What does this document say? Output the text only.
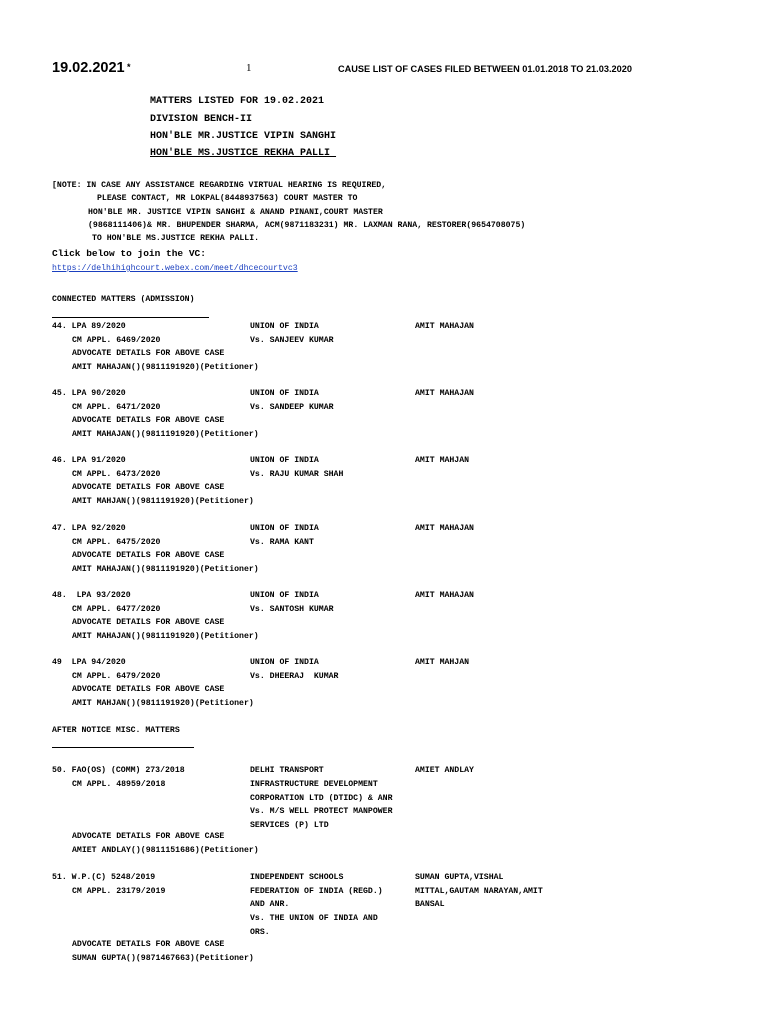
19.02.2021 *	1	CAUSE LIST OF CASES FILED BETWEEN 01.01.2018 TO 21.03.2020
MATTERS LISTED FOR 19.02.2021
DIVISION BENCH-II
HON'BLE MR.JUSTICE VIPIN SANGHI
HON'BLE MS.JUSTICE REKHA PALLI
[NOTE: IN CASE ANY ASSISTANCE REGARDING VIRTUAL HEARING IS REQUIRED,
PLEASE CONTACT, MR LOKPAL(8448937563) COURT MASTER TO
HON'BLE MR. JUSTICE VIPIN SANGHI & ANAND PINANI,COURT MASTER
(9868111406)& MR. BHUPENDER SHARMA, ACM(9871183231) MR. LAXMAN RANA, RESTORER(9654708075)
TO HON'BLE MS.JUSTICE REKHA PALLI.
Click below to join the VC:
https://delhihighcourt.webex.com/meet/dhcecourtvc3
CONNECTED MATTERS (ADMISSION)
44. LPA 89/2020
CM APPL. 6469/2020
UNION OF INDIA
Vs. SANJEEV KUMAR
AMIT MAHAJAN
ADVOCATE DETAILS FOR ABOVE CASE
AMIT MAHAJAN()(9811191920)(Petitioner)
45. LPA 90/2020
CM APPL. 6471/2020
UNION OF INDIA
Vs. SANDEEP KUMAR
AMIT MAHAJAN
ADVOCATE DETAILS FOR ABOVE CASE
AMIT MAHAJAN()(9811191920)(Petitioner)
46. LPA 91/2020
CM APPL. 6473/2020
UNION OF INDIA
Vs. RAJU KUMAR SHAH
AMIT MAHJAN
ADVOCATE DETAILS FOR ABOVE CASE
AMIT MAHJAN()(9811191920)(Petitioner)
47. LPA 92/2020
CM APPL. 6475/2020
UNION OF INDIA
Vs. RAMA KANT
AMIT MAHAJAN
ADVOCATE DETAILS FOR ABOVE CASE
AMIT MAHAJAN()(9811191920)(Petitioner)
48.  LPA 93/2020
CM APPL. 6477/2020
UNION OF INDIA
Vs. SANTOSH KUMAR
AMIT MAHAJAN
ADVOCATE DETAILS FOR ABOVE CASE
AMIT MAHAJAN()(9811191920)(Petitioner)
49  LPA 94/2020
CM APPL. 6479/2020
UNION OF INDIA
Vs. DHEERAJ  KUMAR
AMIT MAHJAN
ADVOCATE DETAILS FOR ABOVE CASE
AMIT MAHJAN()(9811191920)(Petitioner)
AFTER NOTICE MISC. MATTERS
50. FAO(OS) (COMM) 273/2018
CM APPL. 48959/2018
DELHI TRANSPORT
INFRASTRUCTURE DEVELOPMENT
CORPORATION LTD (DTIDC) & ANR
Vs. M/S WELL PROTECT MANPOWER
SERVICES (P) LTD
AMIET ANDLAY
ADVOCATE DETAILS FOR ABOVE CASE
AMIET ANDLAY()(9811151686)(Petitioner)
51. W.P.(C) 5248/2019
CM APPL. 23179/2019
INDEPENDENT SCHOOLS
FEDERATION OF INDIA (REGD.)
AND ANR.
Vs. THE UNION OF INDIA AND
ORS.
SUMAN GUPTA,VISHAL
MITTAL,GAUTAM NARAYAN,AMIT
BANSAL
ADVOCATE DETAILS FOR ABOVE CASE
SUMAN GUPTA()(9871467663)(Petitioner)
